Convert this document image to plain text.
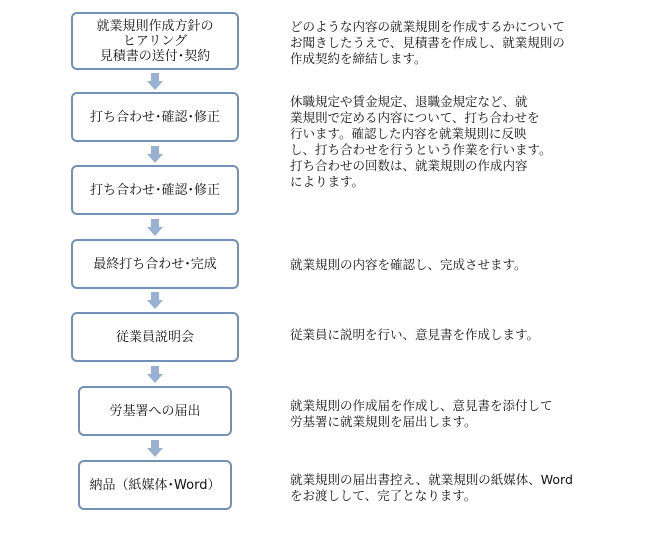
就業規則作成方針の
ヒアリング
見積書の送付･契約
打ち合わせ･確認･修正
打ち合わせ･確認･修正
最終打ち合わせ･完成
従業員説明会
労基署への届出
納品（紙媒体･Word）
どのような内容の就業規則を作成するかについて
お聞きしたうえで、見積書を作成し、就業規則の
作成契約を締結します。
休職規定や賃金規定、退職金規定など、就
業規則で定める内容について、打ち合わせを
行います。確認した内容を就業規則に反映
し、打ち合わせを行うという作業を行います。
打ち合わせの回数は、就業規則の作成内容
によります。
就業規則の内容を確認し、完成させます。
従業員に説明を行い、意見書を作成します。
就業規則の作成届を作成し、意見書を添付して
労基署に就業規則を届出します。
就業規則の届出書控え、就業規則の紙媒体、Word
をお渡しして、完了となります。
